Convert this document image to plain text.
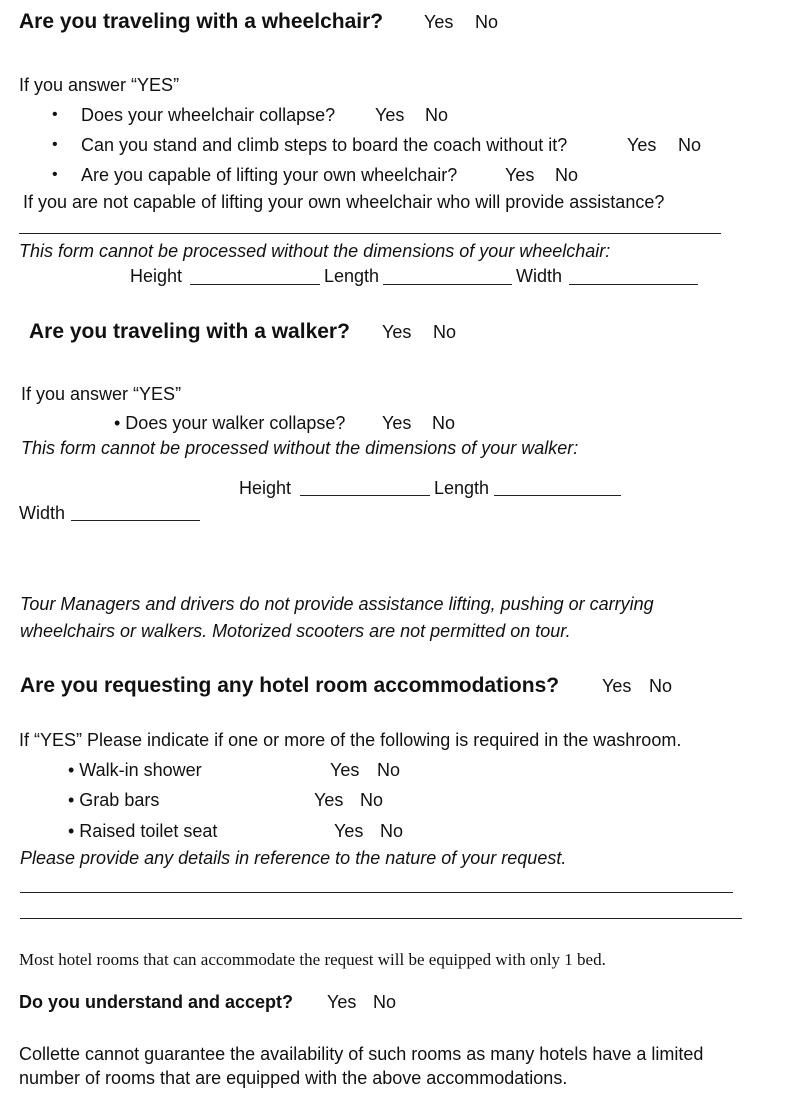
Are you traveling with a wheelchair? Yes No
If you answer “YES”
• Does your wheelchair collapse? Yes No
• Can you stand and climb steps to board the coach without it?	Yes No
• Are you capable of lifting your own wheelchair?	Yes No
If you are not capable of lifting your own wheelchair who will provide assistance?
This form cannot be processed without the dimensions of your wheelchair:
Height	Length	Width
Are you traveling with a walker? Yes No
If you answer “YES”
• Does your walker collapse? Yes No
This form cannot be processed without the dimensions of your walker:
Height	Length
Width
Tour Managers and drivers do not provide assistance lifting, pushing or carrying
wheelchairs or walkers. Motorized scooters are not permitted on tour.
Are you requesting any hotel room accommodations? Yes No
If “YES” Please indicate if one or more of the following is required in the washroom.
• Walk-in shower	Yes No
• Grab bars	Yes No
• Raised toilet seat	Yes No
Please provide any details in reference to the nature of your request.
Most hotel rooms that can accommodate the request will be equipped with only 1 bed.
Do you understand and accept? Yes No
Collette cannot guarantee the availability of such rooms as many hotels have a limited
number of rooms that are equipped with the above accommodations.
